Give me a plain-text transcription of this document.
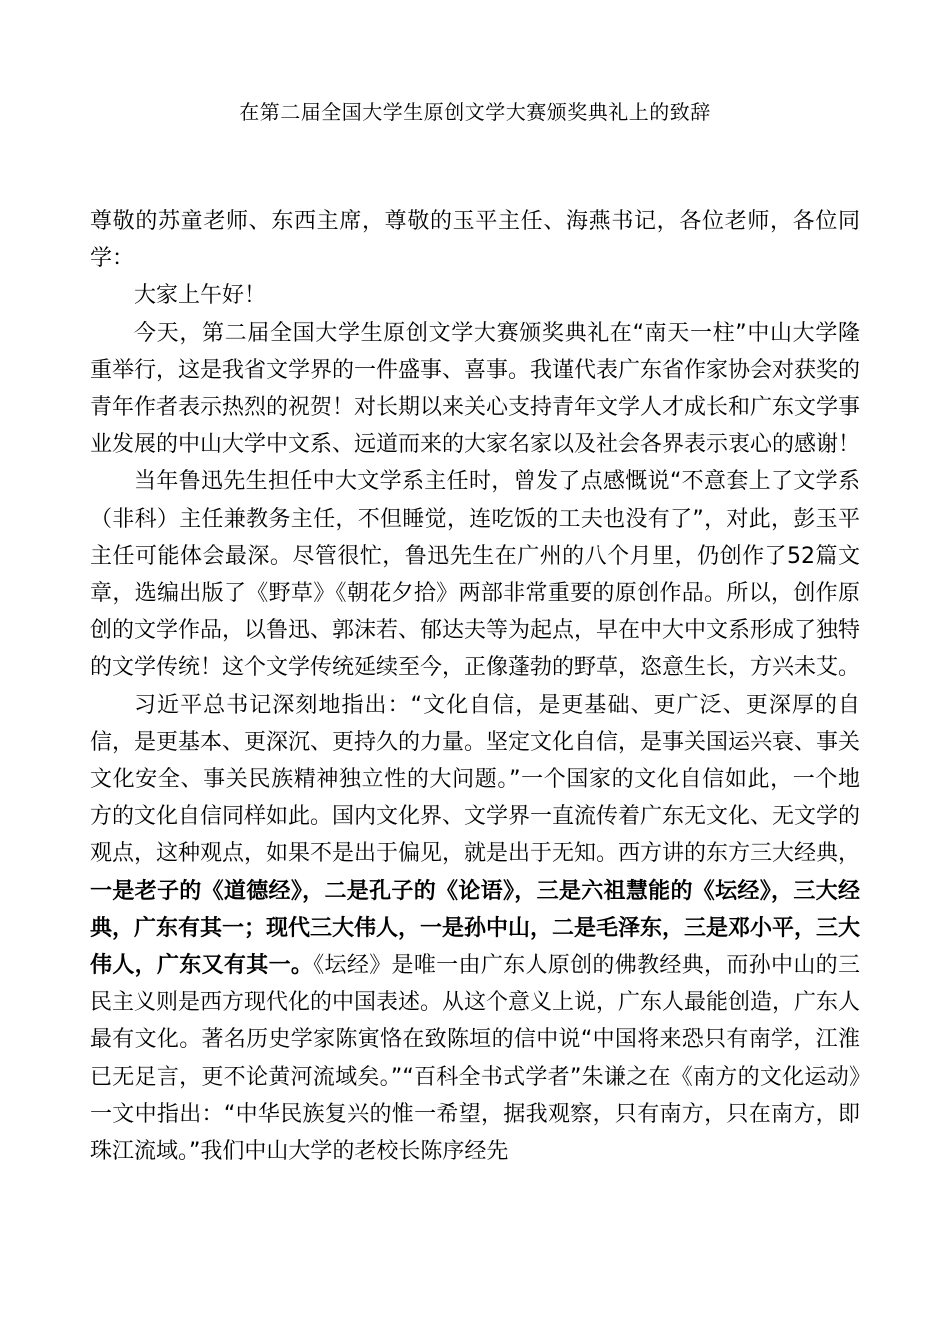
在第二届全国大学生原创文学大赛颁奖典礼上的致辞

尊敬的苏童老师、东西主席，尊敬的玉平主任、海燕书记，各位老师，各位同学：

大家上午好！

今天，第二届全国大学生原创文学大赛颁奖典礼在“南天一柱”中山大学隆重举行，这是我省文学界的一件盛事、喜事。我谨代表广东省作家协会对获奖的青年作者表示热烈的祝贺！对长期以来关心支持青年文学人才成长和广东文学事业发展的中山大学中文系、远道而来的大家名家以及社会各界表示衷心的感谢！

当年鲁迅先生担任中大文学系主任时，曾发了点感慨说“不意套上了文学系（非科）主任兼教务主任，不但睡觉，连吃饭的工夫也没有了”，对此，彭玉平主任可能体会最深。尽管很忙，鲁迅先生在广州的八个月里，仍创作了52篇文章，选编出版了《野草》《朝花夕拾》两部非常重要的原创作品。所以，创作原创的文学作品，以鲁迅、郭沫若、郁达夫等为起点，早在中大中文系形成了独特的文学传统！这个文学传统延续至今，正像蓬勃的野草，恣意生长，方兴未艾。

习近平总书记深刻地指出：“文化自信，是更基础、更广泛、更深厚的自信，是更基本、更深沉、更持久的力量。坚定文化自信，是事关国运兴衰、事关文化安全、事关民族精神独立性的大问题。”一个国家的文化自信如此，一个地方的文化自信同样如此。国内文化界、文学界一直流传着广东无文化、无文学的观点，这种观点，如果不是出于偏见，就是出于无知。西方讲的东方三大经典，一是老子的《道德经》，二是孔子的《论语》，三是六祖慧能的《坛经》，三大经典，广东有其一；现代三大伟人，一是孙中山，二是毛泽东，三是邓小平，三大伟人，广东又有其一。《坛经》是唯一由广东人原创的佛教经典，而孙中山的三民主义则是西方现代化的中国表述。从这个意义上说，广东人最能创造，广东人最有文化。著名历史学家陈寅恪在致陈垣的信中说“中国将来恐只有南学，江淮已无足言，更不论黄河流域矣。”“百科全书式学者”朱谦之在《南方的文化运动》一文中指出：“中华民族复兴的惟一希望，据我观察，只有南方，只在南方，即珠江流域。”我们中山大学的老校长陈序经先
